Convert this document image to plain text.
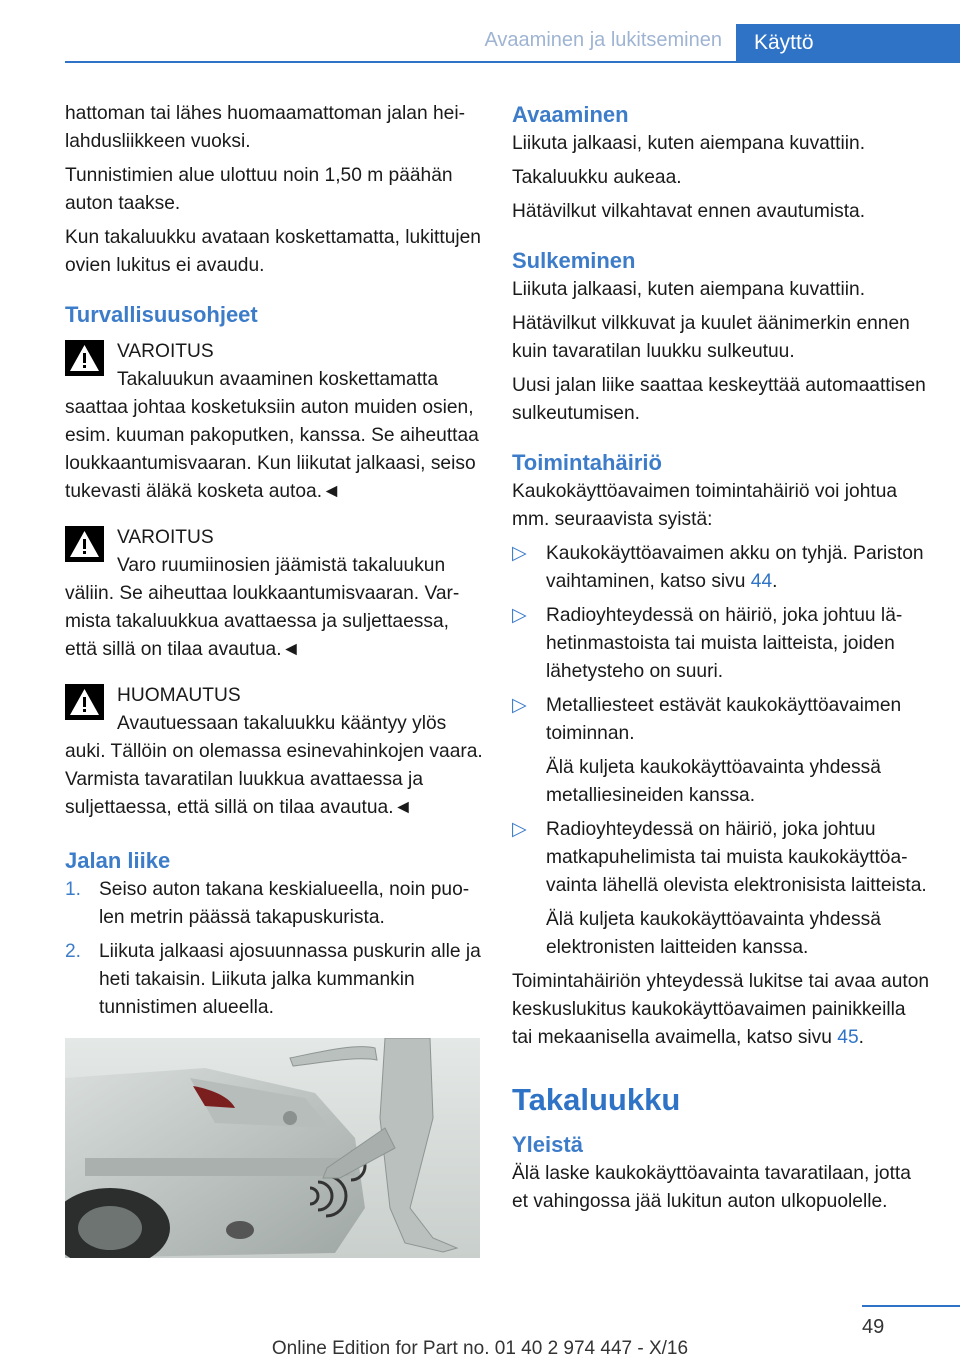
Avaaminen ja lukitseminen	Käyttö

hattoman tai lähes huomaamattoman jalan heilahdusliikkeen vuoksi.

Tunnistimien alue ulottuu noin 1,50 m päähän auton taakse.

Kun takaluukku avataan koskettamatta, lukittujen ovien lukitus ei avaudu.

Turvallisuusohjeet
VAROITUS

Takaluukun avaaminen koskettamatta saattaa johtaa kosketuksiin auton muiden osien, esim. kuuman pakoputken, kanssa. Se aiheuttaa loukkaantumisvaaran. Kun liikutat jalkaasi, seiso tukevasti äläkä kosketa autoa.◄

VAROITUS

Varo ruumiinosien jäämistä takaluukun väliin. Se aiheuttaa loukkaantumisvaaran. Varmista takaluukkua avattaessa ja suljettaessa, että sillä on tilaa avautua.◄

HUOMAUTUS

Avautuessaan takaluukku kääntyy ylös auki. Tällöin on olemassa esinevahinkojen vaara. Varmista tavaratilan luukkua avattaessa ja suljettaessa, että sillä on tilaa avautua.◄

Jalan liike
1. Seiso auton takana keskialueella, noin puolen metrin päässä takapuskurista.
2. Liikuta jalkaasi ajosuunnassa puskurin alle ja heti takaisin. Liikuta jalka kummankin tunnistimen alueella.
Avaaminen

Liikuta jalkaasi, kuten aiempana kuvattiin.

Takaluukku aukeaa.

Hätävilkut vilkahtavat ennen avautumista.

Sulkeminen

Liikuta jalkaasi, kuten aiempana kuvattiin.

Hätävilkut vilkkuvat ja kuulet äänimerkin ennen kuin tavaratilan luukku sulkeutuu.

Uusi jalan liike saattaa keskeyttää automaattisen sulkeutumisen.

Toimintahäiriö

Kaukokäyttöavaimen toimintahäiriö voi johtua mm. seuraavista syistä:

▷ Kaukokäyttöavaimen akku on tyhjä. Pariston vaihtaminen, katso sivu 44.
▷ Radioyhteydessä on häiriö, joka johtuu lähetinmastoista tai muista laitteista, joiden lähetysteho on suuri.
▷ Metalliesteet estävät kaukokäyttöavaimen toiminnan.
Älä kuljeta kaukokäyttöavainta yhdessä metalliesineiden kanssa.
▷ Radioyhteydessä on häiriö, joka johtuu matkapuhelimista tai muista kaukokäyttöavainta lähellä olevista elektronisista laitteista.
Älä kuljeta kaukokäyttöavainta yhdessä elektronisten laitteiden kanssa.

Toimintahäiriön yhteydessä lukitse tai avaa auton keskuslukitus kaukokäyttöavaimen painikkeilla tai mekaanisella avaimella, katso sivu 45.

Takaluukku
Yleistä

Älä laske kaukokäyttöavainta tavaratilaan, jotta et vahingossa jää lukitun auton ulkopuolelle.

49
Online Edition for Part no. 01 40 2 974 447 - X/16
